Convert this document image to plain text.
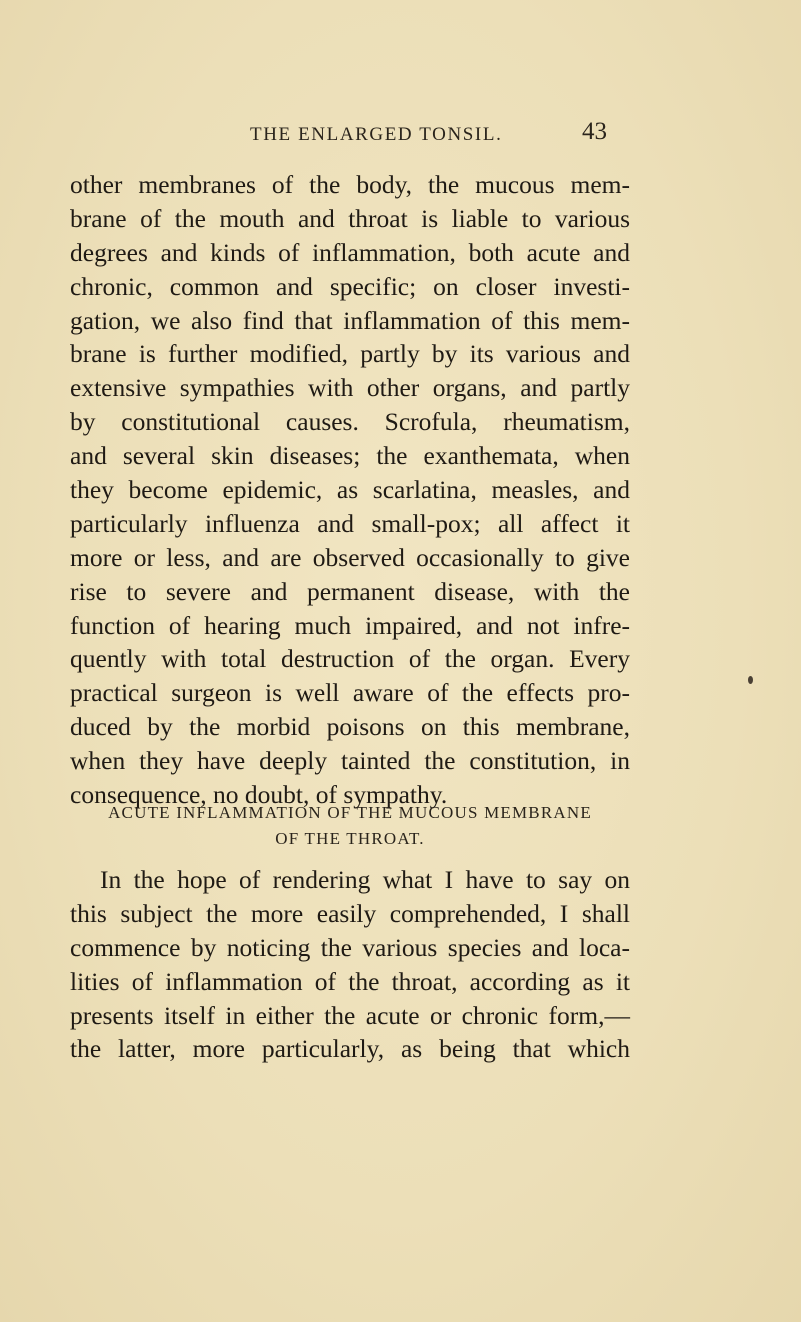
THE ENLARGED TONSIL.	43
other membranes of the body, the mucous mem-
brane of the mouth and throat is liable to various
degrees and kinds of inflammation, both acute and
chronic, common and specific; on closer investi-
gation, we also find that inflammation of this mem-
brane is further modified, partly by its various and
extensive sympathies with other organs, and partly
by constitutional causes. Scrofula, rheumatism,
and several skin diseases; the exanthemata, when
they become epidemic, as scarlatina, measles, and
particularly influenza and small-pox; all affect it
more or less, and are observed occasionally to give
rise to severe and permanent disease, with the
function of hearing much impaired, and not infre-
quently with total destruction of the organ. Every
practical surgeon is well aware of the effects pro-
duced by the morbid poisons on this membrane,
when they have deeply tainted the constitution, in
consequence, no doubt, of sympathy.
ACUTE INFLAMMATION OF THE MUCOUS MEMBRANE
OF THE THROAT.
In the hope of rendering what I have to say on
this subject the more easily comprehended, I shall
commence by noticing the various species and loca-
lities of inflammation of the throat, according as it
presents itself in either the acute or chronic form,—
the latter, more particularly, as being that which
